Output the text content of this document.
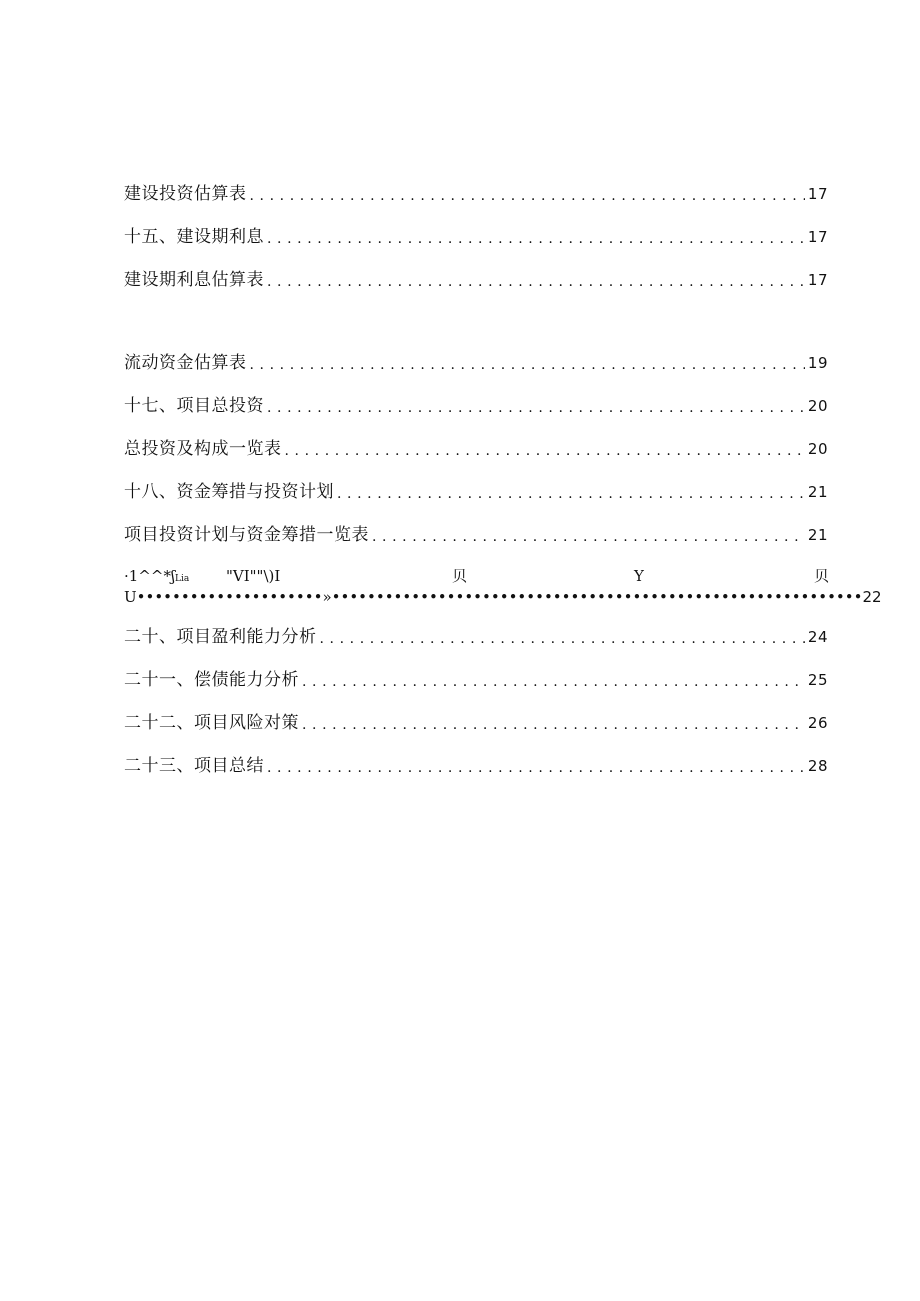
建设投资估算表 .....	17
十五、建设期利息 .....	17
建设期利息估算表 .....	17
流动资金估算表 .....	19
十七、项目总投资 .....	20
总投资及构成一览表 .....	20
十八、资金筹措与投资计划 .....	21
项目投资计划与资金筹措一览表 .....	21
·1^^*ʃLia "VI""\)I	贝	Y	贝
U•••••••••••••••••••••»•••••••••••••••••••••••••••••••••••••••••••••••••••••••••••• 22
二十、项目盈利能力分析 .....	24
二十一、偿债能力分析 .....	25
二十二、项目风险对策 .....	26
二十三、项目总结 .....	28
